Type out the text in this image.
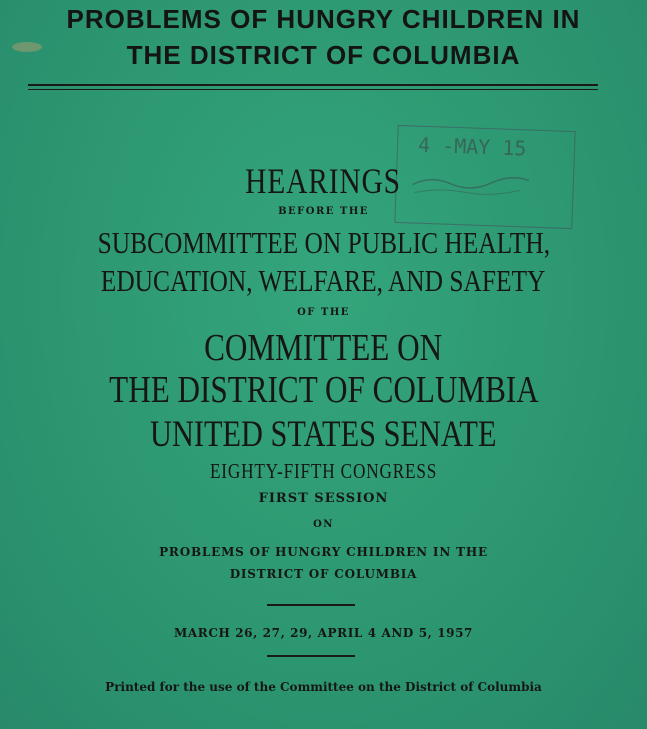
PROBLEMS OF HUNGRY CHILDREN IN
THE DISTRICT OF COLUMBIA
4 -MAY 15
HEARINGS
BEFORE THE
SUBCOMMITTEE ON PUBLIC HEALTH,
EDUCATION, WELFARE, AND SAFETY
OF THE
COMMITTEE ON
THE DISTRICT OF COLUMBIA
UNITED STATES SENATE
EIGHTY-FIFTH CONGRESS
FIRST SESSION
ON
PROBLEMS OF HUNGRY CHILDREN IN THE
DISTRICT OF COLUMBIA
MARCH 26, 27, 29, APRIL 4 AND 5, 1957
Printed for the use of the Committee on the District of Columbia
